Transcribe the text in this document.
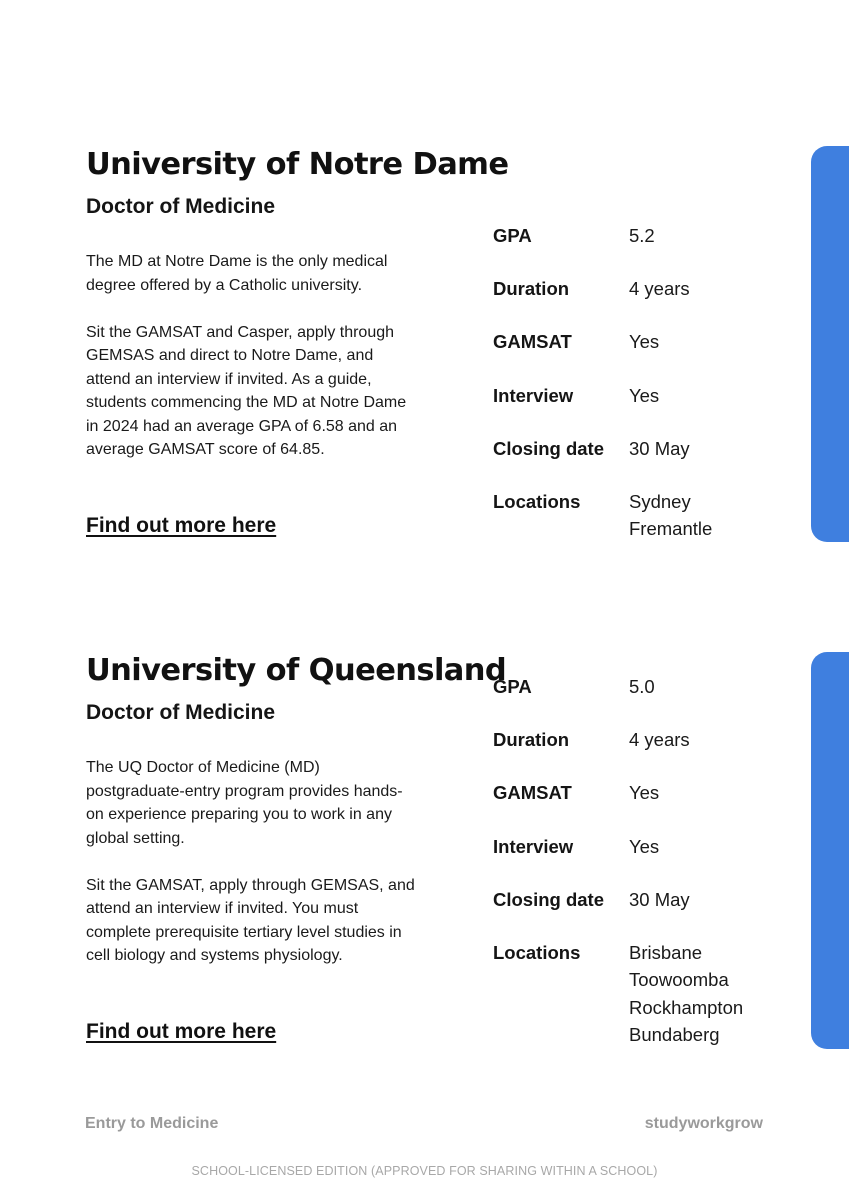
University of Notre Dame
Doctor of Medicine

The MD at Notre Dame is the only medical degree offered by a Catholic university.

Sit the GAMSAT and Casper, apply through GEMSAS and direct to Notre Dame, and attend an interview if invited. As a guide, students commencing the MD at Notre Dame in 2024 had an average GPA of 6.58 and an average GAMSAT score of 64.85.

Find out more here
GPA	5.2
Duration	4 years
GAMSAT	Yes
Interview	Yes
Closing date	30 May
Locations	Sydney
Fremantle
University of Queensland
Doctor of Medicine

The UQ Doctor of Medicine (MD) postgraduate-entry program provides hands-on experience preparing you to work in any global setting.

Sit the GAMSAT, apply through GEMSAS, and attend an interview if invited. You must complete prerequisite tertiary level studies in cell biology and systems physiology.

Find out more here
GPA	5.0
Duration	4 years
GAMSAT	Yes
Interview	Yes
Closing date	30 May
Locations	Brisbane
Toowoomba
Rockhampton
Bundaberg
Entry to Medicine	studyworkgrow
SCHOOL-LICENSED EDITION (APPROVED FOR SHARING WITHIN A SCHOOL)
